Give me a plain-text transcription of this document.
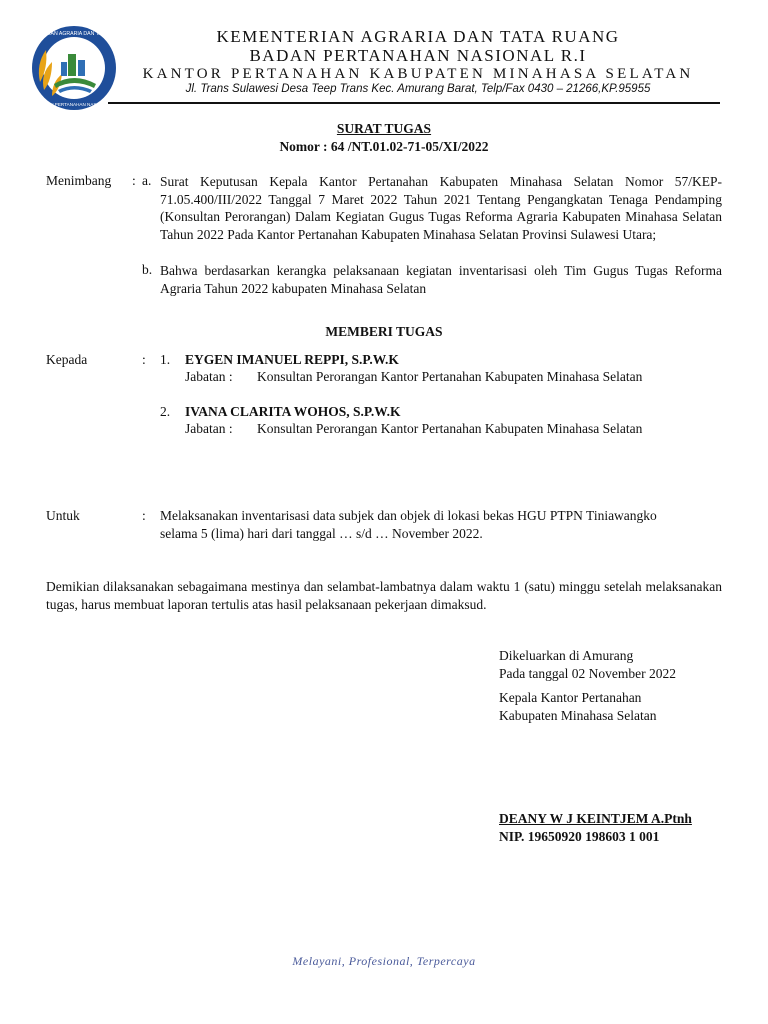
KEMENTERIAN AGRARIA DAN TATA RUANG
BADAN PERTANAHAN NASIONAL
KEMENTERIAN AGRARIA DAN TATA RUANG
BADAN PERTANAHAN NASIONAL R.I
KANTOR PERTANAHAN KABUPATEN MINAHASA SELATAN
Jl. Trans Sulawesi Desa Teep Trans Kec. Amurang Barat, Telp/Fax 0430 – 21266,KP.95955
SURAT TUGAS
Nomor : 64 /NT.01.02-71-05/XI/2022
Menimbang : a. Surat Keputusan Kepala Kantor Pertanahan Kabupaten Minahasa Selatan Nomor 57/KEP-71.05.400/III/2022 Tanggal 7 Maret 2022 Tahun 2021 Tentang Pengangkatan Tenaga Pendamping (Konsultan Perorangan) Dalam Kegiatan Gugus Tugas Reforma Agraria Kabupaten Minahasa Selatan Tahun 2022 Pada Kantor Pertanahan Kabupaten Minahasa Selatan Provinsi Sulawesi Utara;
b. Bahwa berdasarkan kerangka pelaksanaan kegiatan inventarisasi oleh Tim Gugus Tugas Reforma Agraria Tahun 2022 kabupaten Minahasa Selatan
MEMBERI TUGAS
Kepada	: 1. EYGEN IMANUEL REPPI, S.P.W.K
Jabatan : Konsultan Perorangan Kantor Pertanahan Kabupaten Minahasa Selatan
2. IVANA CLARITA WOHOS, S.P.W.K
Jabatan : Konsultan Perorangan Kantor Pertanahan Kabupaten Minahasa Selatan
Untuk	: Melaksanakan inventarisasi data subjek dan objek di lokasi bekas HGU PTPN Tiniawangko
selama 5 (lima) hari dari tanggal … s/d … November 2022.
Demikian dilaksanakan sebagaimana mestinya dan selambat-lambatnya dalam waktu 1 (satu) minggu setelah melaksanakan tugas, harus membuat laporan tertulis atas hasil pelaksanaan pekerjaan dimaksud.
Dikeluarkan di Amurang
Pada tanggal 02 November 2022
Kepala Kantor Pertanahan
Kabupaten Minahasa Selatan
DEANY W J KEINTJEM A.Ptnh
NIP. 19650920 198603 1 001
Melayani, Profesional, Terpercaya
